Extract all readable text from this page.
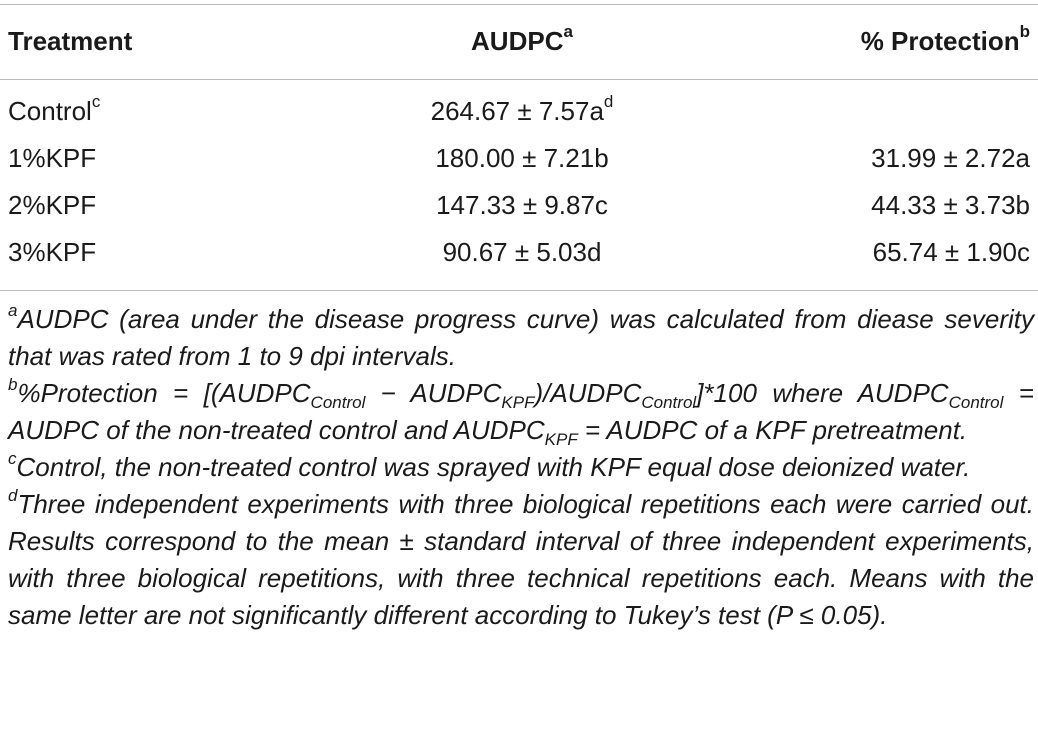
Treatment	AUDPC$^a$	% Protection$^b$
Control$^c$	$264.67 \pm 7.57a^d$
1%KPF	180.00 ± 7.21b	31.99 ± 2.72a
2%KPF	147.33 ± 9.87c	44.33 ± 3.73b
3%KPF	90.67 ± 5.03d	65.74 ± 1.90c

$^a$AUDPC (area under the disease progress curve) was calculated from diease severity that was rated from 1 to 9 dpi intervals.

$^b$%Protection = [($AUDPC_{Control}$ − $AUDPC_{KPF})/AUDPC_{Control}]*100$ where $AUDPC_{Control}$ = AUDPC of the non-treated control and $AUDPC_{KPF}$ = AUDPC of a KPF pretreatment.

$^c$Control, the non-treated control was sprayed with KPF equal dose deionized water.

$^d$Three independent experiments with three biological repetitions each were carried out. Results correspond to the mean ± standard interval of three independent experiments, with three biological repetitions, with three technical repetitions each. Means with the same letter are not significantly different according to Tukey’s test (P ≤ 0.05).
